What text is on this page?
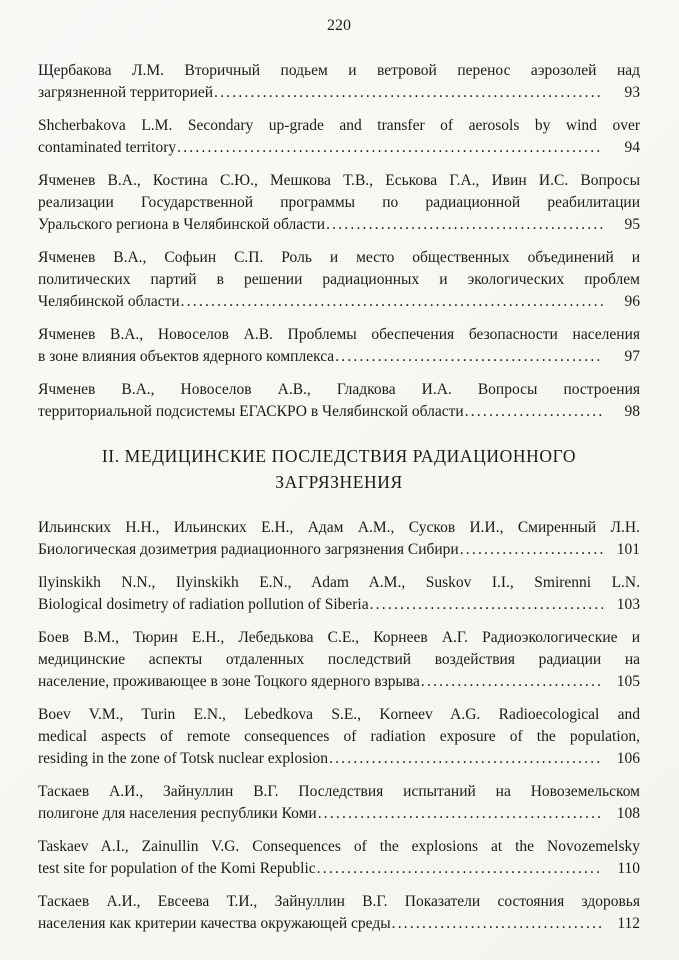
220
Щербакова Л.М. Вторичный подьем и ветровой перенос аэрозолей над
загрязненной территорией .....	93
Shcherbakova L.M. Secondary up-grade and transfer of aerosols by wind over
contaminated territory .....	94
Ячменев В.А., Костина С.Ю., Мешкова Т.В., Еськова Г.А., Ивин И.С. Вопросы
реализации Государственной программы по радиационной реабилитации
Уральского региона в Челябинской области .....	95
Ячменев В.А., Софьин С.П. Роль и место общественных объединений и
политических партий в решении радиационных и экологических проблем
Челябинской области .....	96
Ячменев В.А., Новоселов А.В. Проблемы обеспечения безопасности населения
в зоне влияния объектов ядерного комплекса .....	97
Ячменев В.А., Новоселов А.В., Гладкова И.А. Вопросы построения
территориальной подсистемы ЕГАСКРО в Челябинской области .....	98
II. МЕДИЦИНСКИЕ ПОСЛЕДСТВИЯ РАДИАЦИОННОГО
ЗАГРЯЗНЕНИЯ
Ильинских Н.Н., Ильинских Е.Н., Адам А.М., Сусков И.И., Смиренный Л.Н.
Биологическая дозиметрия радиационного загрязнения Сибири .....	101
Ilyinskikh N.N., Ilyinskikh E.N., Adam A.M., Suskov I.I., Smirenni L.N.
Biological dosimetry of radiation pollution of Siberia .....	103
Боев В.М., Тюрин Е.Н., Лебедькова С.Е., Корнеев А.Г. Радиоэкологические и
медицинские аспекты отдаленных последствий воздействия радиации на
население, проживающее в зоне Тоцкого ядерного взрыва .....	105
Boev V.M., Turin E.N., Lebedkova S.E., Korneev A.G. Radioecological and
medical aspects of remote consequences of radiation exposure of the population,
residing in the zone of Totsk nuclear explosion .....	106
Таскаев А.И., Зайнуллин В.Г. Последствия испытаний на Новоземельском
полигоне для населения республики Коми .....	108
Taskaev A.I., Zainullin V.G. Consequences of the explosions at the Novozemelsky
test site for population of the Komi Republic .....	110
Таскаев А.И., Евсеева Т.И., Зайнуллин В.Г. Показатели состояния здоровья
населения как критерии качества окружающей среды .....	112
